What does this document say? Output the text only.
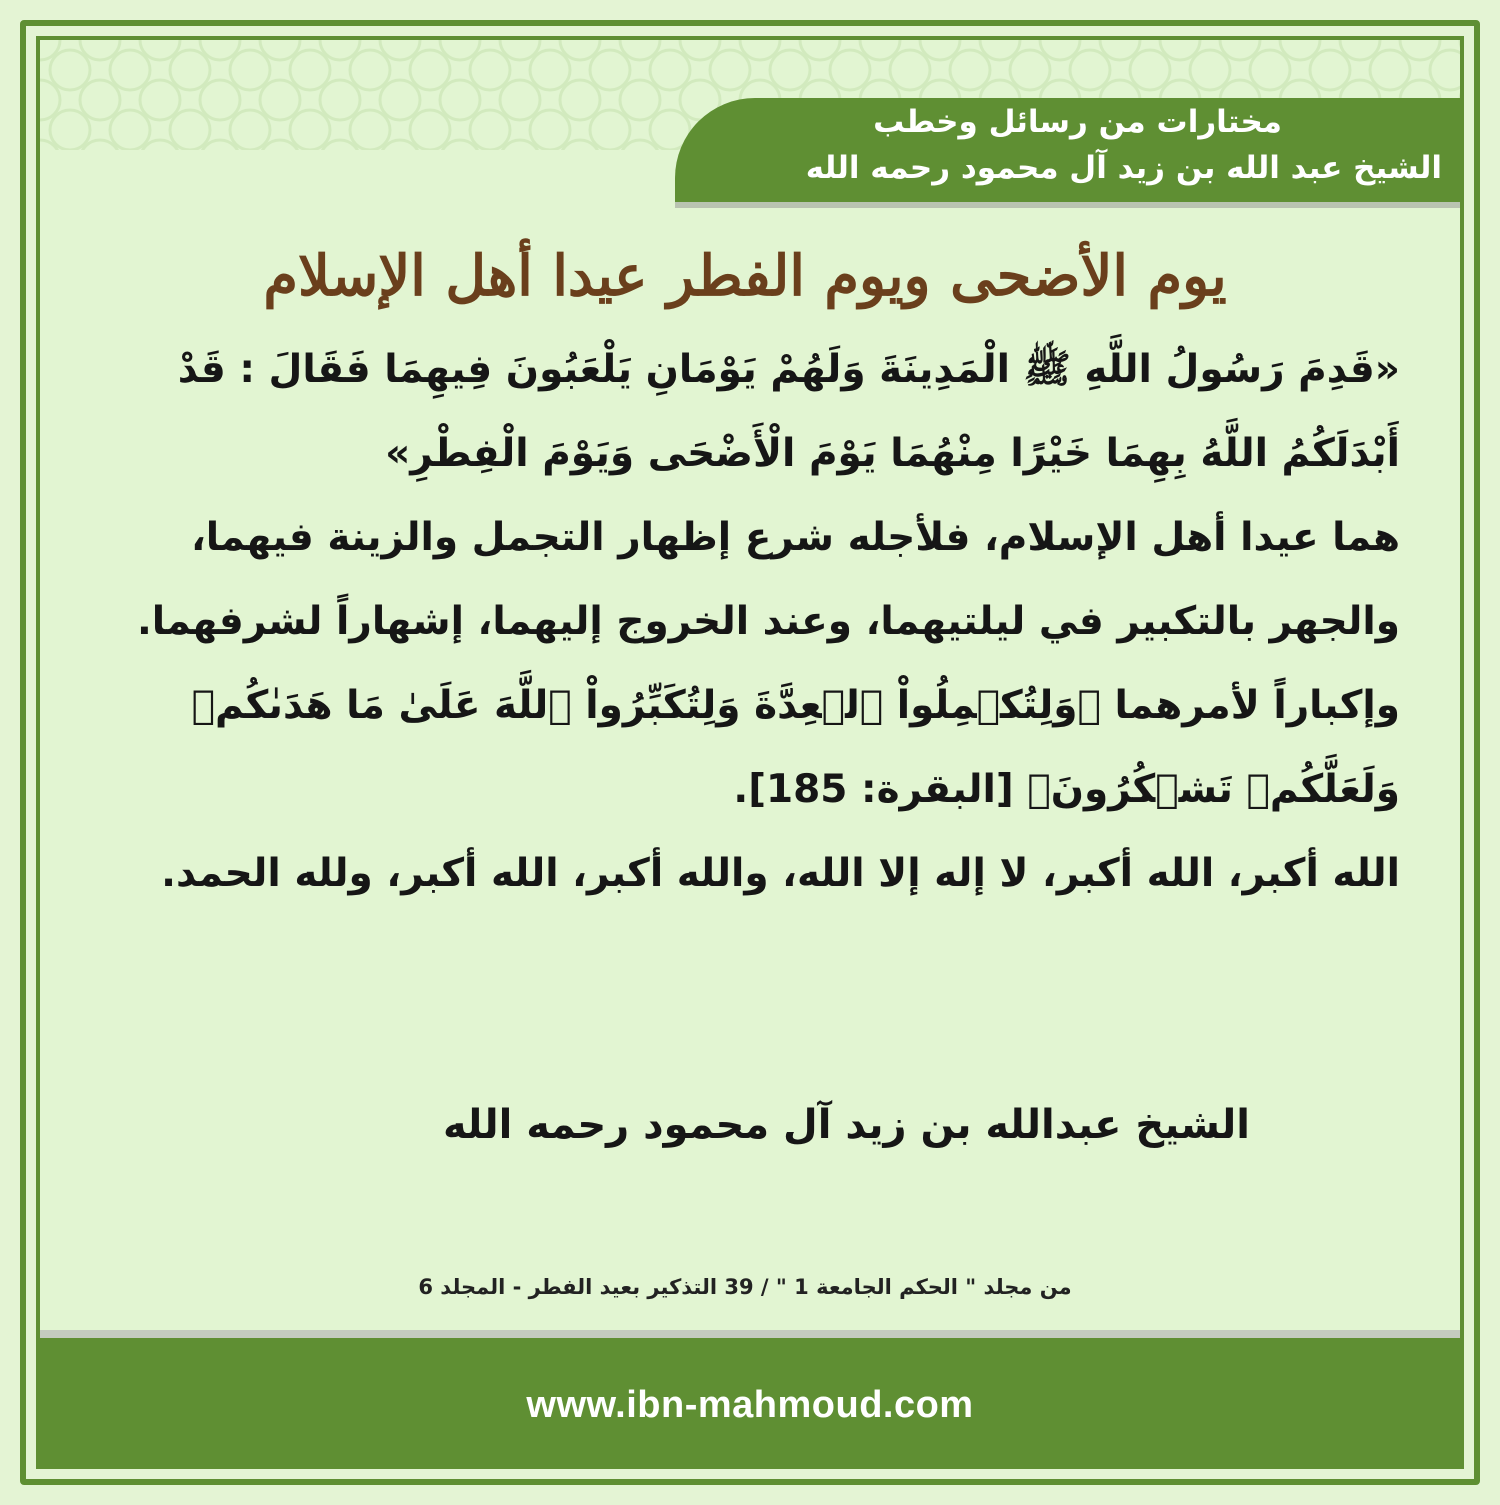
مختارات من رسائل وخطب
الشيخ عبد الله بن زيد آل محمود رحمه الله
يوم الأضحى ويوم الفطر عيدا أهل الإسلام

«قَدِمَ رَسُولُ اللَّهِ ﷺ الْمَدِينَةَ وَلَهُمْ يَوْمَانِ يَلْعَبُونَ فِيهِمَا فَقَالَ : قَدْ أَبْدَلَكُمُ اللَّهُ بِهِمَا خَيْرًا مِنْهُمَا يَوْمَ الْأَضْحَى وَيَوْمَ الْفِطْرِ»

هما عيدا أهل الإسلام، فلأجله شرع إظهار التجمل والزينة فيهما، والجهر بالتكبير في ليلتيهما، وعند الخروج إليهما، إشهاراً لشرفهما. وإكباراً لأمرهما ﴿وَلِتُكۡمِلُواْ ٱلۡعِدَّةَ وَلِتُكَبِّرُواْ ٱللَّهَ عَلَىٰ مَا هَدَىٰكُمۡ وَلَعَلَّكُمۡ تَشۡكُرُونَ﴾ [البقرة: 185].

الله أكبر، الله أكبر، لا إله إلا الله، والله أكبر، الله أكبر، ولله الحمد.

الشيخ عبدالله بن زيد آل محمود رحمه الله
من مجلد " الحكم الجامعة 1 " / 39 التذكير بعيد الفطر - المجلد 6
www.ibn-mahmoud.com
